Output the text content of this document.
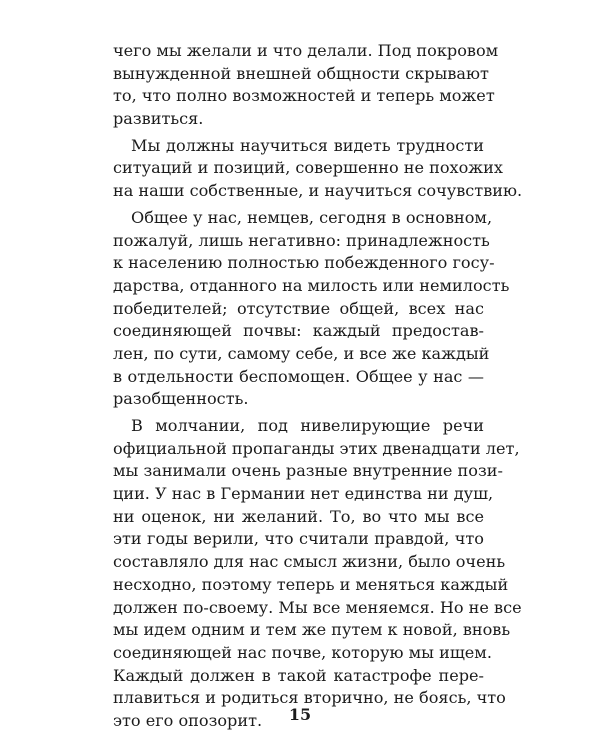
чего мы желали и что делали. Под покровом
вынужденной внешней общности скрывают
то, что полно возможностей и теперь может
развиться.
Мы должны научиться видеть трудности
ситуаций и позиций, совершенно не похожих
на наши собственные, и научиться сочувствию.
Общее у нас, немцев, сегодня в основном,
пожалуй, лишь негативно: принадлежность
к населению полностью побежденного госу-
дарства, отданного на милость или немилость
победителей; отсутствие общей, всех нас
соединяющей почвы: каждый предостав-
лен, по сути, самому себе, и все же каждый
в отдельности беспомощен. Общее у нас —
разобщенность.
В молчании, под нивелирующие речи
официальной пропаганды этих двенадцати лет,
мы занимали очень разные внутренние пози-
ции. У нас в Германии нет единства ни душ,
ни оценок, ни желаний. То, во что мы все
эти годы верили, что считали правдой, что
составляло для нас смысл жизни, было очень
несходно, поэтому теперь и меняться каждый
должен по-своему. Мы все меняемся. Но не все
мы идем одним и тем же путем к новой, вновь
соединяющей нас почве, которую мы ищем.
Каждый должен в такой катастрофе пере-
плавиться и родиться вторично, не боясь, что
это его опозорит.	15
